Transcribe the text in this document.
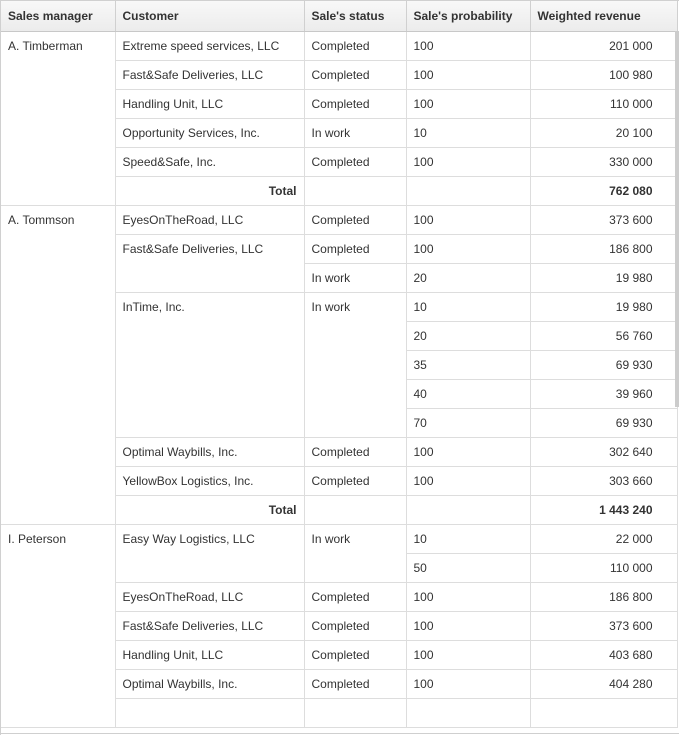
Sales manager	Customer	Sale's status	Sale's probability	Weighted revenue
A. Timberman	Extreme speed services, LLC	Completed	100	201 000
	Fast&Safe Deliveries, LLC	Completed	100	100 980
	Handling Unit, LLC	Completed	100	110 000
	Opportunity Services, Inc.	In work	10	20 100
	Speed&Safe, Inc.	Completed	100	330 000
	Total			762 080
A. Tommson	EyesOnTheRoad, LLC	Completed	100	373 600
	Fast&Safe Deliveries, LLC	Completed	100	186 800
		In work	20	19 980
	InTime, Inc.	In work	10	19 980
			20	56 760
			35	69 930
			40	39 960
			70	69 930
	Optimal Waybills, Inc.	Completed	100	302 640
	YellowBox Logistics, Inc.	Completed	100	303 660
	Total			1 443 240
I. Peterson	Easy Way Logistics, LLC	In work	10	22 000
			50	110 000
	EyesOnTheRoad, LLC	Completed	100	186 800
	Fast&Safe Deliveries, LLC	Completed	100	373 600
	Handling Unit, LLC	Completed	100	403 680
	Optimal Waybills, Inc.	Completed	100	404 280
